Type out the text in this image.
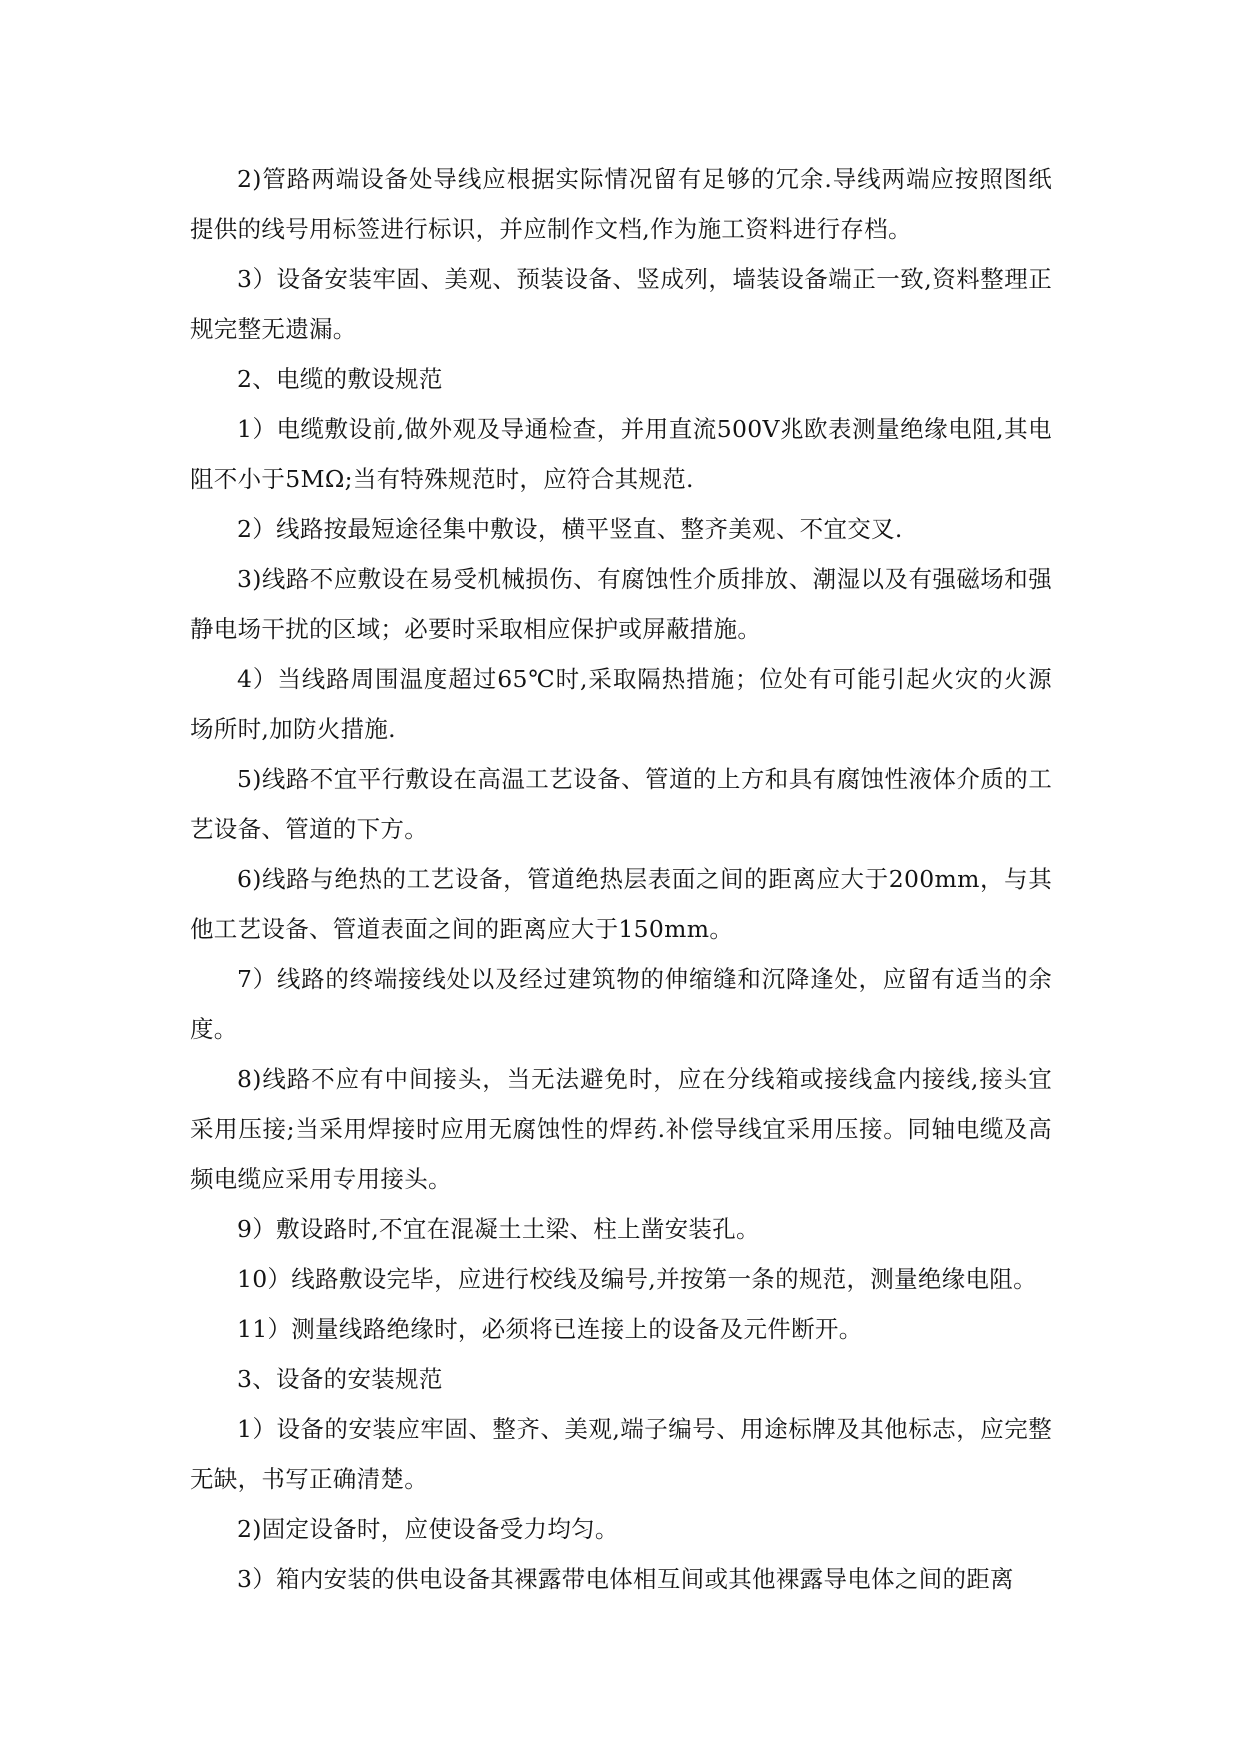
2)管路两端设备处导线应根据实际情况留有足够的冗余.导线两端应按照图纸提供的线号用标签进行标识，并应制作文档,作为施工资料进行存档。

3）设备安装牢固、美观、预装设备、竖成列，墙装设备端正一致,资料整理正规完整无遗漏。

2、电缆的敷设规范

1）电缆敷设前,做外观及导通检查，并用直流500V兆欧表测量绝缘电阻,其电阻不小于5MΩ;当有特殊规范时，应符合其规范.

2）线路按最短途径集中敷设，横平竖直、整齐美观、不宜交叉.

3)线路不应敷设在易受机械损伤、有腐蚀性介质排放、潮湿以及有强磁场和强静电场干扰的区域；必要时采取相应保护或屏蔽措施。

4）当线路周围温度超过65℃时,采取隔热措施；位处有可能引起火灾的火源场所时,加防火措施.

5)线路不宜平行敷设在高温工艺设备、管道的上方和具有腐蚀性液体介质的工艺设备、管道的下方。

6)线路与绝热的工艺设备，管道绝热层表面之间的距离应大于200mm，与其他工艺设备、管道表面之间的距离应大于150mm。

7）线路的终端接线处以及经过建筑物的伸缩缝和沉降逢处，应留有适当的余度。

8)线路不应有中间接头，当无法避免时，应在分线箱或接线盒内接线,接头宜采用压接;当采用焊接时应用无腐蚀性的焊药.补偿导线宜采用压接。同轴电缆及高频电缆应采用专用接头。

9）敷设路时,不宜在混凝土土梁、柱上凿安装孔。

10）线路敷设完毕，应进行校线及编号,并按第一条的规范，测量绝缘电阻。

11）测量线路绝缘时，必须将已连接上的设备及元件断开。

3、设备的安装规范

1）设备的安装应牢固、整齐、美观,端子编号、用途标牌及其他标志，应完整无缺，书写正确清楚。

2)固定设备时，应使设备受力均匀。

3）箱内安装的供电设备其裸露带电体相互间或其他裸露导电体之间的距离
